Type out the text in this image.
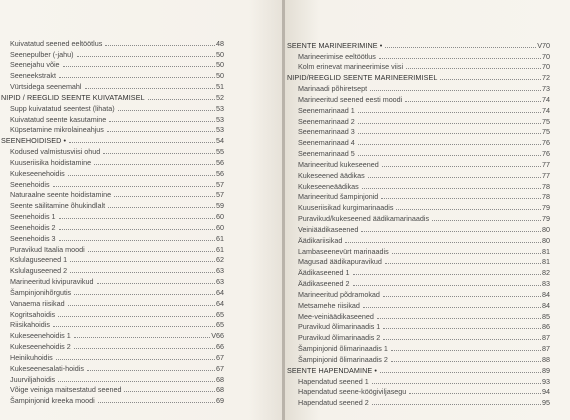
Kuivatatud seened eeltöötlus	48
Seenepulber (-jahu)	50
Seenejahu võie	50
Seeneekstrakt	50
Vürtsidega seenemahl	51
NIPID / REEGLID SEENTE KUIVATAMISEL	52
Supp kuivatatud seentest (lihata)	53
Kuivatatud seente kasutamine	53
Küpsetamine mikrolaineahjus	53
SEENEHOIDISED •	54
Kodused valmistusviisi ohud	55
Kuuseriisika hoidistamine	56
Kukeseenehoidis	56
Seenehoidis	57
Naturaalne seente hoidistamine	57
Seente säilitamine õhukindlalt	59
Seenehoidis 1	60
Seenehoidis 2	60
Seenehoidis 3	61
Puravikud Itaalia moodi	61
Kslulaguseened 1	62
Kslulaguseened 2	63
Marineeritud kivipuravikud	63
Šampinjonihõrgutis	64
Vanaema riisikad	64
Kogritsahoidis	65
Riisikahoidis	65
Kukeseenehoidis 1	V66
Kukeseenehoidis 2	66
Heinikuhoidis	67
Kukeseenesalati-hoidis	67
Juurviljahoidis	68
Võige veiniga maitsestatud seened	68
Šampinjonid kreeka moodi	69
SEENTE MARINEERIMINE •	V70
Marineerimise eeltöötlus	70
Kolm erinevat marineerimise viisi	70
NIPID/REEGLID SEENTE MARINEERIMISEL	72
Marinaadi põhiretsept	73
Marineeritud seened eesti moodi	74
Seenemarinaad 1	74
Seenemarinaad 2	75
Seenemarinaad 3	75
Seenemarinaad 4	76
Seenemarinaad 5	76
Marineeritud kukeseened	77
Kukeseened äädikas	77
Kukeseeneäädikas	78
Marineeritud šampinjonid	78
Kuuseriisikad kurgimarinaadis	79
Puravikud/kukeseened äädikamarinaadis	79
Veiniäädikaseened	80
Äädikariisikad	80
Lambaseenevürt marinaadis	81
Magusad äädikapuravikud	81
Äädikaseened 1	82
Äädikaseened 2	83
Marineeritud põdramokad	84
Metsamehe riisikad	84
Mee-veiniäädikaseened	85
Puravikud õlimarinaadis 1	86
Puravikud õlimarinaadis 2	87
Šampinjonid õlimarinaadis 1	87
Šampinjonid õlimarinaadis 2	88
SEENTE HAPENDAMINE •	89
Hapendatud seened 1	93
Hapendatud seene-köögiviljasegu	94
Hapendatud seened 2	95
